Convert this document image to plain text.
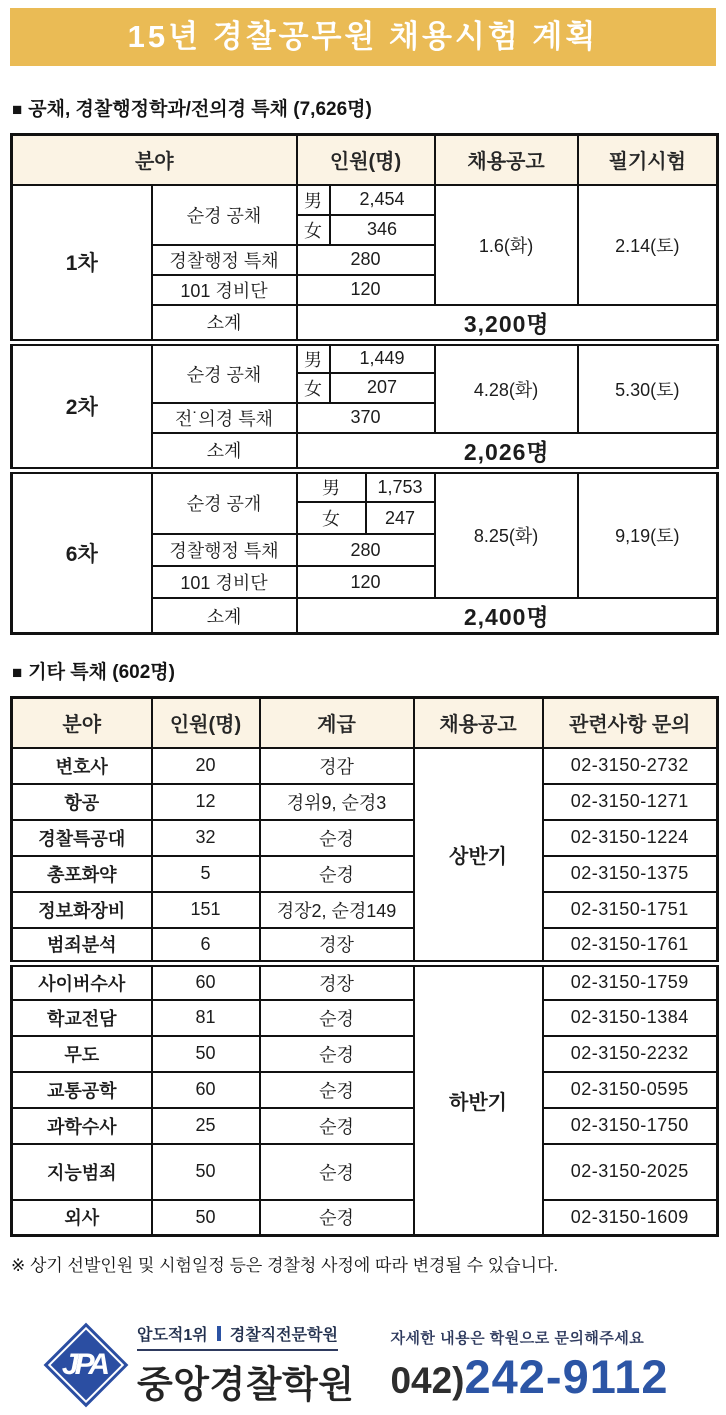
15년 경찰공무원 채용시험 계획
■ 공채, 경찰행정학과/전의경 특채 (7,626명)
분야		인원(명)			채용공고	필기시험
1차	순경 공채	男	2,454		1.6(화)	2.14(토)
		女	346			
	경찰행정 특채	280				
	101 경비단	120				
	소계	3,200명				
2차	순경 공채	男	1,449		4.28(화)	5.30(토)
		女	207			
	전˙의경 특채	370				
	소계	2,026명				
6차	순경 공개	男		1,753	8.25(화)	9,19(토)
		女		247		
	경찰행정 특채	280				
	101 경비단	120				
	소계	2,400명				
■ 기타 특채 (602명)
분야	인원(명)	계급	채용공고	관련사항 문의
변호사	20	경감	상반기	02-3150-2732
항공	12	경위9, 순경3		02-3150-1271
경찰특공대	32	순경		02-3150-1224
총포화약	5	순경		02-3150-1375
정보화장비	151	경장2, 순경149		02-3150-1751
범죄분석	6	경장		02-3150-1761
사이버수사	60	경장	하반기	02-3150-1759
학교전담	81	순경		02-3150-1384
무도	50	순경		02-3150-2232
교통공학	60	순경		02-3150-0595
과학수사	25	순경		02-3150-1750
지능범죄	50	순경		02-3150-2025
외사	50	순경		02-3150-1609
※ 상기 선발인원 및 시험일정 등은 경찰청 사정에 따라 변경될 수 있습니다.
JPA
압도적1위 경찰직전문학원
중앙경찰학원
자세한 내용은 학원으로 문의해주세요
042) 242-9112
